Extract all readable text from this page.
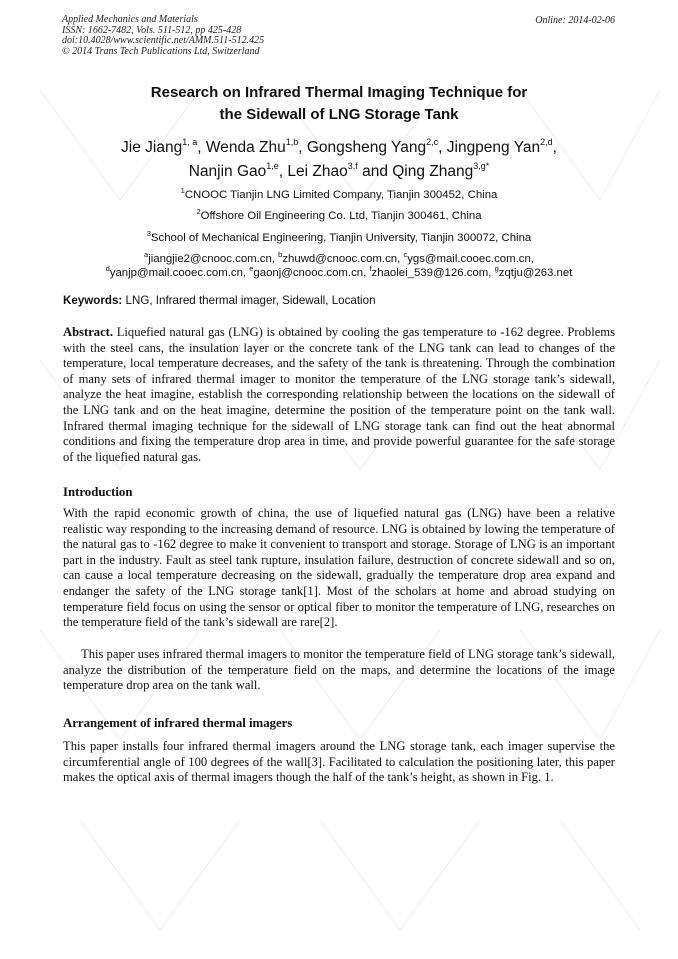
Applied Mechanics and Materials
ISSN: 1662-7482, Vols. 511-512, pp 425-428
doi:10.4028/www.scientific.net/AMM.511-512.425
© 2014 Trans Tech Publications Ltd, Switzerland
Online: 2014-02-06
Research on Infrared Thermal Imaging Technique for
the Sidewall of LNG Storage Tank
Jie Jiang$^{1, a}$, Wenda Zhu$^{1,b}$, Gongsheng Yang$^{2,c}$, Jingpeng Yan$^{2,d}$,
Nanjin Gao$^{1,e}$, Lei Zhao$^{3,f}$ and Qing Zhang$^{3,g*}$
$^1$CNOOC Tianjin LNG Limited Company, Tianjin 300452, China
$^2$Offshore Oil Engineering Co. Ltd, Tianjin 300461, China
$^3$School of Mechanical Engineering, Tianjin University, Tianjin 300072, China
$^a$jiangjie2@cnooc.com.cn, $^b$zhuwd@cnooc.com.cn, $^c$ygs@mail.cooec.com.cn,
$^d$yanjp@mail.cooec.com.cn, $^e$gaonj@cnooc.com.cn, $^f$zhaolei_539@126.com, $^g$zqtju@263.net
Keywords: LNG, Infrared thermal imager, Sidewall, Location
Abstract. Liquefied natural gas (LNG) is obtained by cooling the gas temperature to -162 degree. Problems with the steel cans, the insulation layer or the concrete tank of the LNG tank can lead to changes of the temperature, local temperature decreases, and the safety of the tank is threatening. Through the combination of many sets of infrared thermal imager to monitor the temperature of the LNG storage tank’s sidewall, analyze the heat imagine, establish the corresponding relationship between the locations on the sidewall of the LNG tank and on the heat imagine, determine the position of the temperature point on the tank wall. Infrared thermal imaging technique for the sidewall of LNG storage tank can find out the heat abnormal conditions and fixing the temperature drop area in time, and provide powerful guarantee for the safe storage of the liquefied natural gas.
Introduction
With the rapid economic growth of china, the use of liquefied natural gas (LNG) have been a relative realistic way responding to the increasing demand of resource. LNG is obtained by lowing the temperature of the natural gas to -162 degree to make it convenient to transport and storage. Storage of LNG is an important part in the industry. Fault as steel tank rupture, insulation failure, destruction of concrete sidewall and so on, can cause a local temperature decreasing on the sidewall, gradually the temperature drop area expand and endanger the safety of the LNG storage tank[1]. Most of the scholars at home and abroad studying on temperature field focus on using the sensor or optical fiber to monitor the temperature of LNG, researches on the temperature field of the tank’s sidewall are rare[2].
This paper uses infrared thermal imagers to monitor the temperature field of LNG storage tank’s sidewall, analyze the distribution of the temperature field on the maps, and determine the locations of the image temperature drop area on the tank wall.
Arrangement of infrared thermal imagers
This paper installs four infrared thermal imagers around the LNG storage tank, each imager supervise the circumferential angle of 100 degrees of the wall[3]. Facilitated to calculation the positioning later, this paper makes the optical axis of thermal imagers though the half of the tank’s height, as shown in Fig. 1.
